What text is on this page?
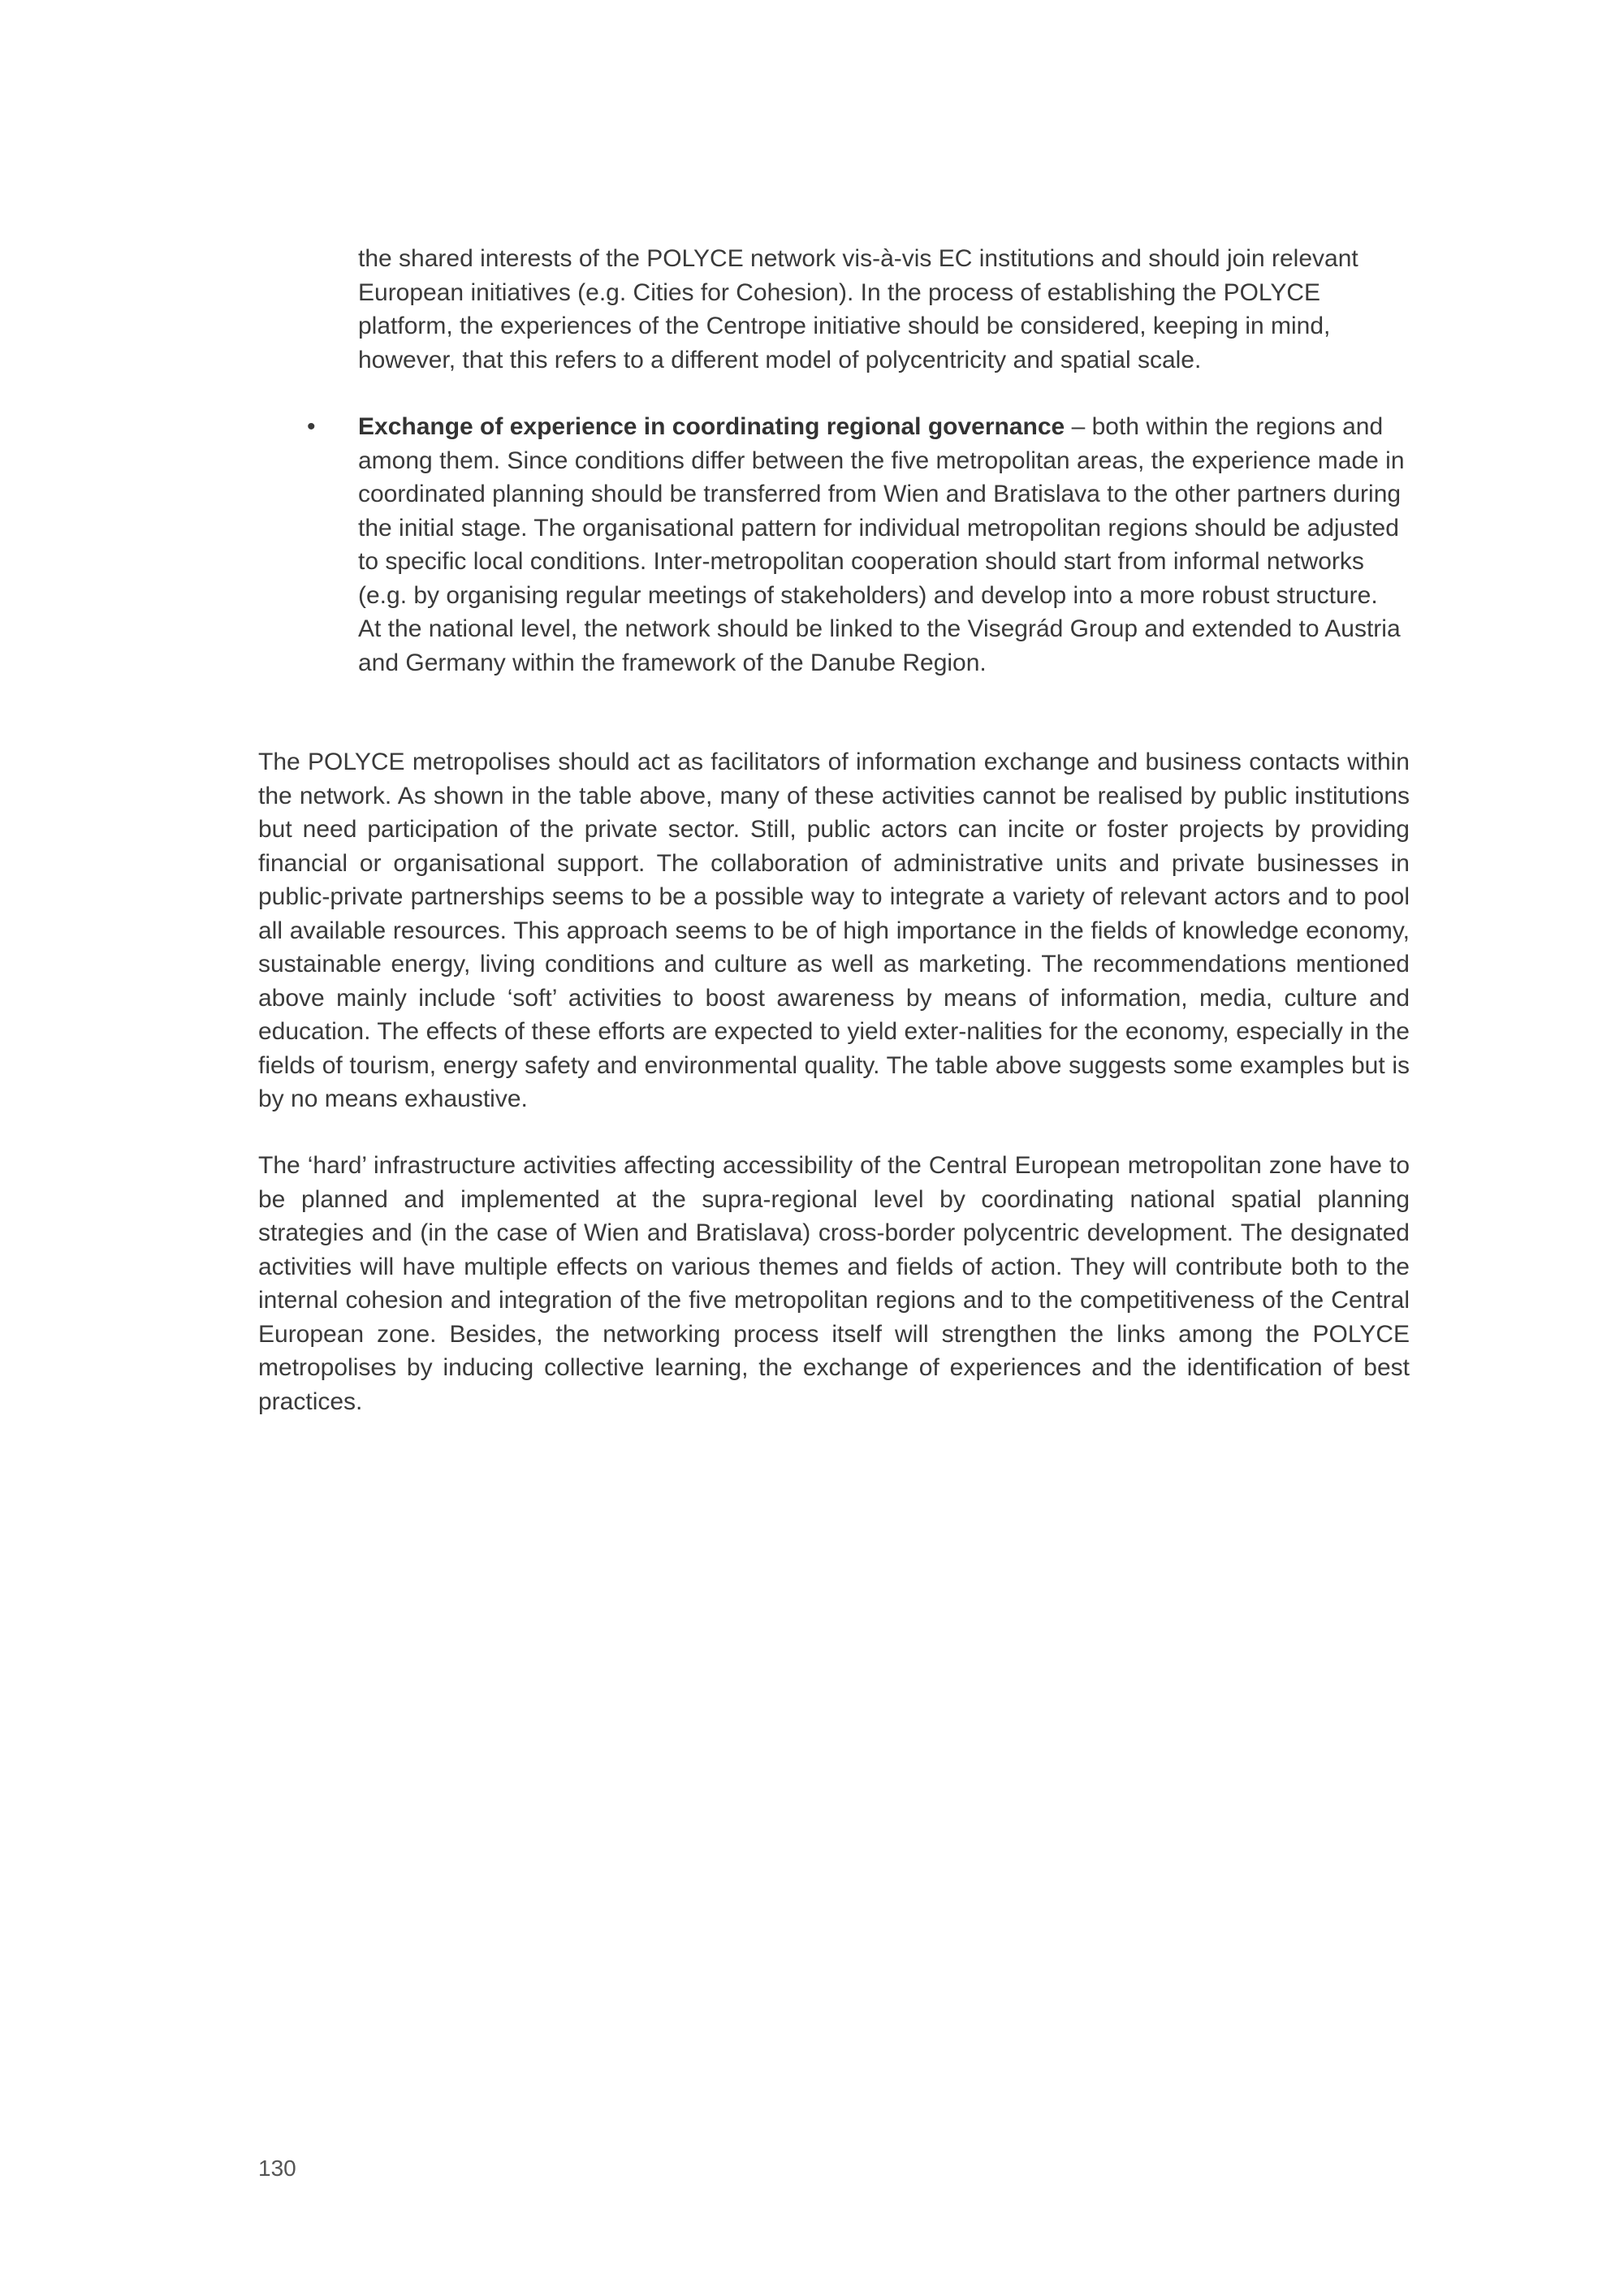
the shared interests of the POLYCE network vis-à-vis EC institutions and should join relevant European initiatives (e.g. Cities for Cohesion). In the process of establishing the POLYCE platform, the experiences of the Centrope initiative should be considered, keeping in mind, however, that this refers to a different model of polycentricity and spatial scale.

• Exchange of experience in coordinating regional governance – both within the regions and among them. Since conditions differ between the five metropolitan areas, the experience made in coordinated planning should be transferred from Wien and Bratislava to the other partners during the initial stage. The organisational pattern for individual metropolitan regions should be adjusted to specific local conditions. Inter-metropolitan cooperation should start from informal networks (e.g. by organising regular meetings of stakeholders) and develop into a more robust structure. At the national level, the network should be linked to the Visegrád Group and extended to Austria and Germany within the framework of the Danube Region.

The POLYCE metropolises should act as facilitators of information exchange and business contacts within the network. As shown in the table above, many of these activities cannot be realised by public institutions but need participation of the private sector. Still, public actors can incite or foster projects by providing financial or organisational support. The collaboration of administrative units and private businesses in public-private partnerships seems to be a possible way to integrate a variety of relevant actors and to pool all available resources. This approach seems to be of high importance in the fields of knowledge economy, sustainable energy, living conditions and culture as well as marketing. The recommendations mentioned above mainly include ‘soft’ activities to boost awareness by means of information, media, culture and education. The effects of these efforts are expected to yield exter-nalities for the economy, especially in the fields of tourism, energy safety and environmental quality. The table above suggests some examples but is by no means exhaustive.

The ‘hard’ infrastructure activities affecting accessibility of the Central European metropolitan zone have to be planned and implemented at the supra-regional level by coordinating national spatial planning strategies and (in the case of Wien and Bratislava) cross-border polycentric development. The designated activities will have multiple effects on various themes and fields of action. They will contribute both to the internal cohesion and integration of the five metropolitan regions and to the competitiveness of the Central European zone. Besides, the networking process itself will strengthen the links among the POLYCE metropolises by inducing collective learning, the exchange of experiences and the identification of best practices.

130
